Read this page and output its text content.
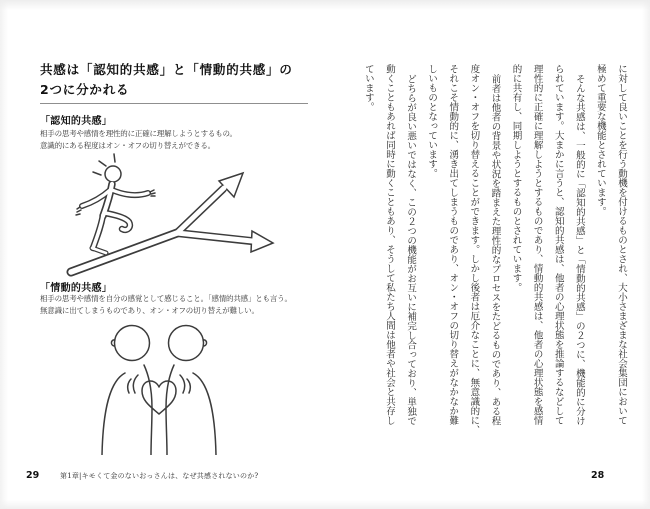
共感は「認知的共感」と「情動的共感」の
2つに分かれる
「認知的共感」
相手の思考や感情を理性的に正確に理解しようとするもの。
意識的にある程度はオン・オフの切り替えができる。
「情動的共感」
相手の思考や感情を自分の感覚として感じること。「感情的共感」とも言う。
無意識に出てしまうものであり、オン・オフの切り替えが難しい。
29	第1章|キモくて金のないおっさんは、なぜ共感されないのか?
に対して良いことを行う動機を付けるものとされ、大小さまざまな社会集団において
極めて重要な機能とされています。
そんな共感は、一般的に「認知的共感」と「情動的共感」の２つに、機能的に分け
られています。大まかに言うと、認知的共感は、他者の心理状態を推論するなどして
理性的に正確に理解しようとするものであり、情動的共感は、他者の心理状態を感情
的に共有し、同期しようとするものとされています。
前者は他者の背景や状況を踏まえた理性的なプロセスをたどるものであり、ある程
度オン・オフを切り替えることができます。しかし後者は厄介なことに、無意識的に、
それこそ情動的に、湧き出てしまうものであり、オン・オフの切り替えがなかなか難
しいものとなっています。
どちらが良い悪いではなく、この２つの機能がお互いに補完し合っており、単独で
動くこともあれば同時に動くこともあり、そうして私たち人間は他者や社会と共存し
ています。
28
